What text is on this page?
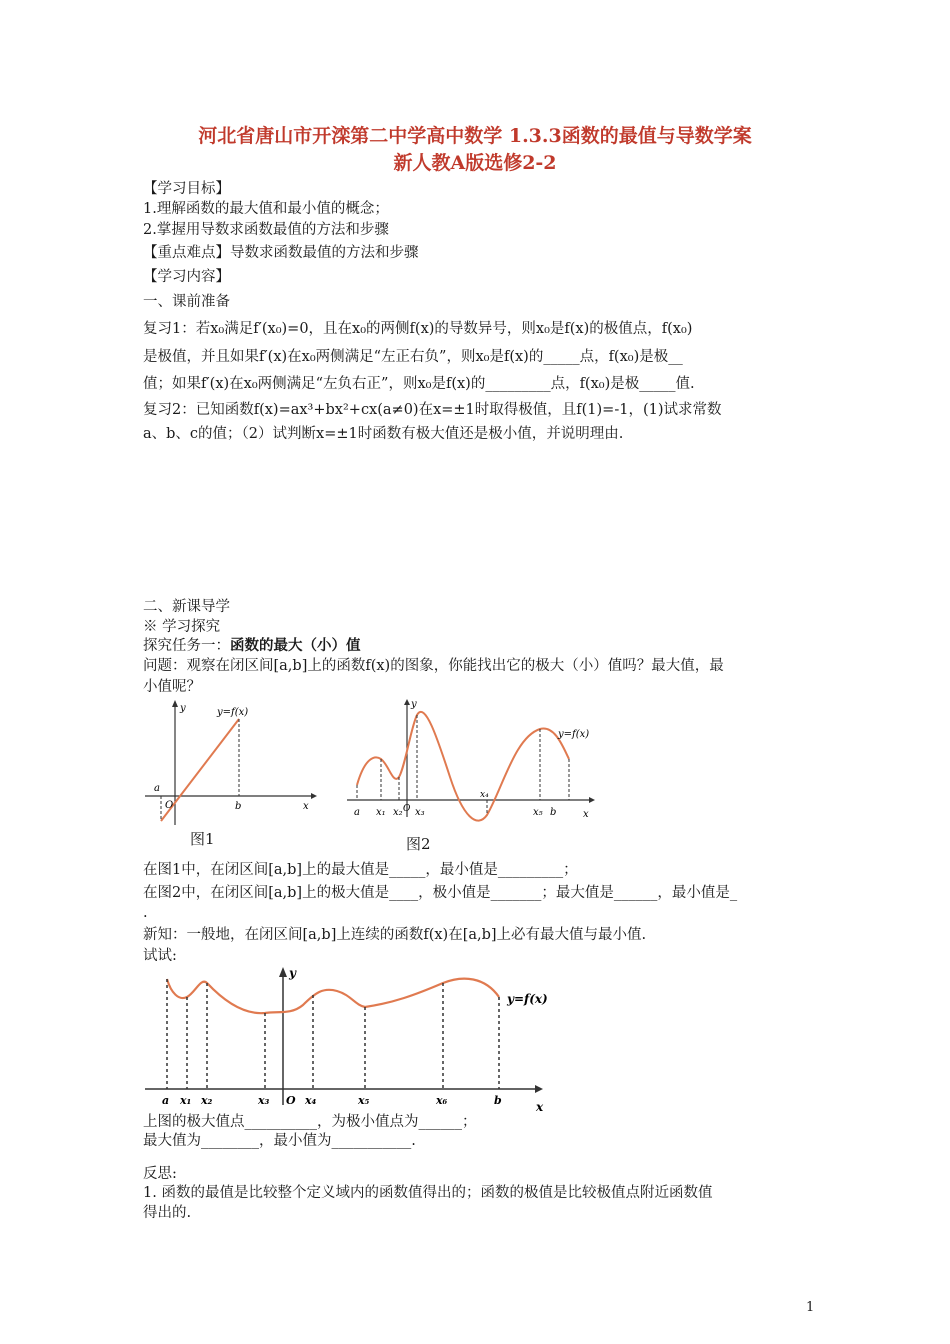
河北省唐山市开滦第二中学高中数学 1.3.3函数的最值与导数学案
新人教A版选修2-2
【学习目标】
1.理解函数的最大值和最小值的概念；
2.掌握用导数求函数最值的方法和步骤
【重点难点】导数求函数最值的方法和步骤
【学习内容】
一、课前准备
复习1：若x₀满足f′(x₀)=0，且在x₀的两侧f(x)的导数异号，则x₀是f(x)的极值点，f(x₀)
是极值，并且如果f′(x)在x₀两侧满足“左正右负”，则x₀是f(x)的_____点，f(x₀)是极__
值；如果f′(x)在x₀两侧满足“左负右正”，则x₀是f(x)的_________点，f(x₀)是极_____值.
复习2：已知函数f(x)=ax³+bx²+cx(a≠0)在x=±1时取得极值，且f(1)=-1，(1)试求常数
a、b、c的值；（2）试判断x=±1时函数有极大值还是极小值，并说明理由.
二、新课导学
※ 学习探究
探究任务一：函数的最大（小）值
问题：观察在闭区间[a,b]上的函数f(x)的图象，你能找出它的极大（小）值吗？最大值，最
小值呢？
y	y=f(x)
a
O	b	x
图1
y
y=f(x)
a x₁ x₂ O x₃
x₄
x₅ b	x
图2
在图1中，在闭区间[a,b]上的最大值是_____，最小值是_________；
在图2中，在闭区间[a,b]上的极大值是____，极小值是_______；最大值是______，最小值是_
.
新知：一般地，在闭区间[a,b]上连续的函数f(x)在[a,b]上必有最大值与最小值.
试试:
y
y=f(x)
a x₁ x₂	x₃ O x₄	x₅	x₆	b	x
上图的极大值点__________，为极小值点为______；
最大值为________，最小值为___________.
反思:
1. 函数的最值是比较整个定义域内的函数值得出的；函数的极值是比较极值点附近函数值
得出的.
1
